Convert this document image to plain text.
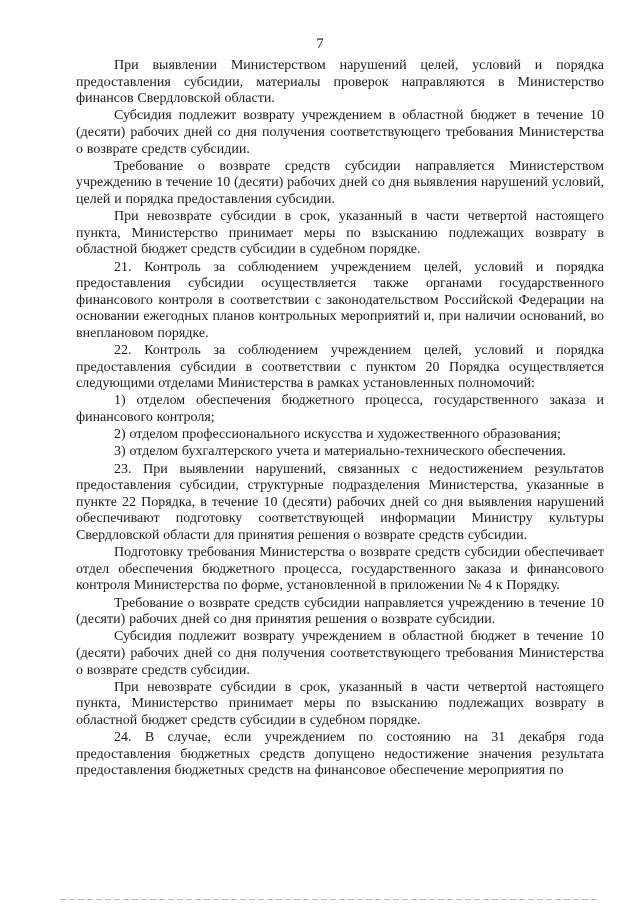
7

При выявлении Министерством нарушений целей, условий и порядка предоставления субсидии, материалы проверок направляются в Министерство финансов Свердловской области.

Субсидия подлежит возврату учреждением в областной бюджет в течение 10 (десяти) рабочих дней со дня получения соответствующего требования Министерства о возврате средств субсидии.

Требование о возврате средств субсидии направляется Министерством учреждению в течение 10 (десяти) рабочих дней со дня выявления нарушений условий, целей и порядка предоставления субсидии.

При невозврате субсидии в срок, указанный в части четвертой настоящего пункта, Министерство принимает меры по взысканию подлежащих возврату в областной бюджет средств субсидии в судебном порядке.

21. Контроль за соблюдением учреждением целей, условий и порядка предоставления субсидии осуществляется также органами государственного финансового контроля в соответствии с законодательством Российской Федерации на основании ежегодных планов контрольных мероприятий и, при наличии оснований, во внеплановом порядке.

22. Контроль за соблюдением учреждением целей, условий и порядка предоставления субсидии в соответствии с пунктом 20 Порядка осуществляется следующими отделами Министерства в рамках установленных полномочий:

1) отделом обеспечения бюджетного процесса, государственного заказа и финансового контроля;

2) отделом профессионального искусства и художественного образования;

3) отделом бухгалтерского учета и материально-технического обеспечения.

23. При выявлении нарушений, связанных с недостижением результатов предоставления субсидии, структурные подразделения Министерства, указанные в пункте 22 Порядка, в течение 10 (десяти) рабочих дней со дня выявления нарушений обеспечивают подготовку соответствующей информации Министру культуры Свердловской области для принятия решения о возврате средств субсидии.

Подготовку требования Министерства о возврате средств субсидии обеспечивает отдел обеспечения бюджетного процесса, государственного заказа и финансового контроля Министерства по форме, установленной в приложении № 4 к Порядку.

Требование о возврате средств субсидии направляется учреждению в течение 10 (десяти) рабочих дней со дня принятия решения о возврате субсидии.

Субсидия подлежит возврату учреждением в областной бюджет в течение 10 (десяти) рабочих дней со дня получения соответствующего требования Министерства о возврате средств субсидии.

При невозврате субсидии в срок, указанный в части четвертой настоящего пункта, Министерство принимает меры по взысканию подлежащих возврату в областной бюджет средств субсидии в судебном порядке.

24. В случае, если учреждением по состоянию на 31 декабря года предоставления бюджетных средств допущено недостижение значения результата предоставления бюджетных средств на финансовое обеспечение мероприятия по
